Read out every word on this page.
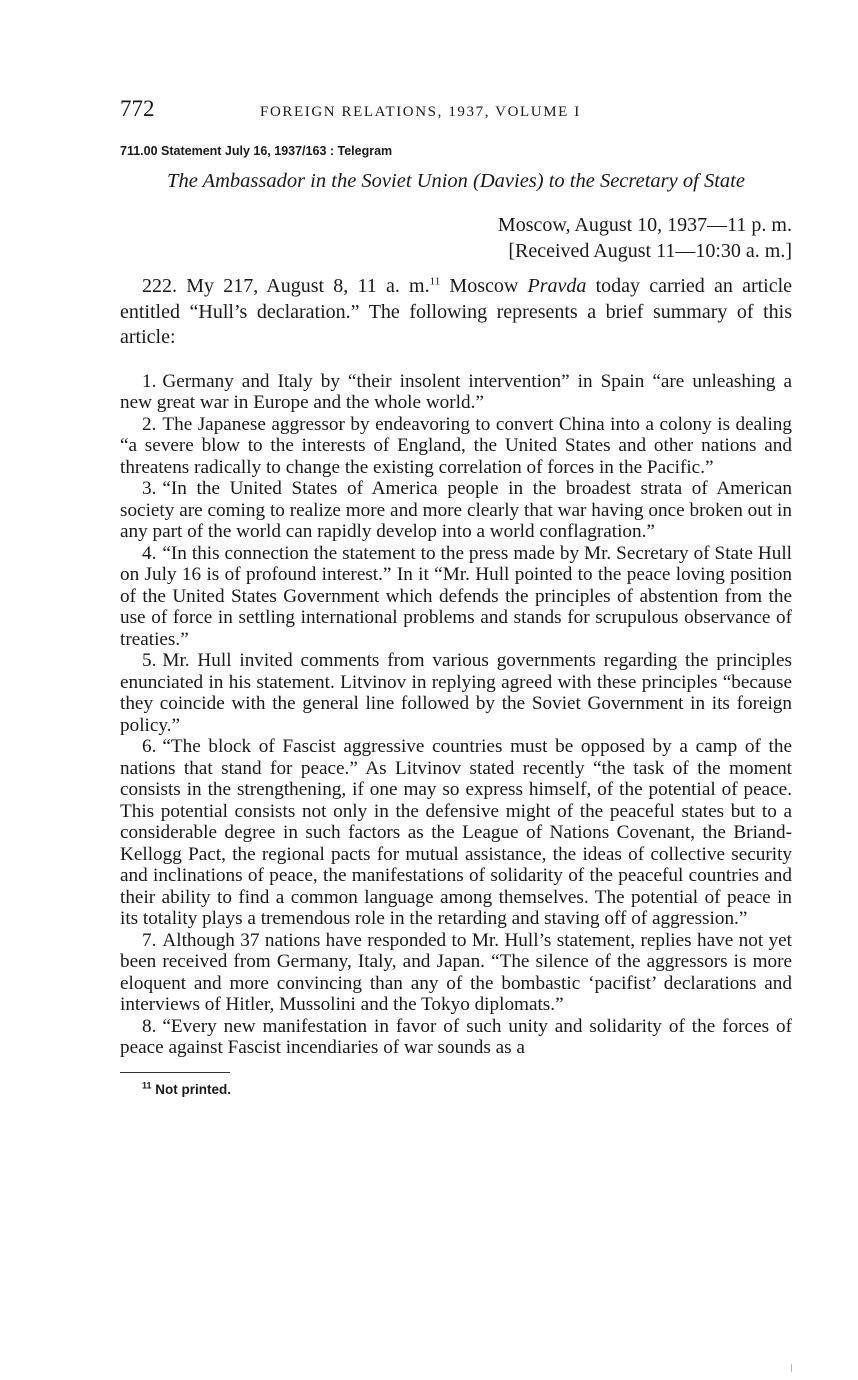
772	FOREIGN RELATIONS, 1937, VOLUME I
711.00 Statement July 16, 1937/163 : Telegram
The Ambassador in the Soviet Union (Davies) to the Secretary of State
Moscow, August 10, 1937—11 p. m.
[Received August 11—10:30 a. m.]

222. My 217, August 8, 11 a. m.$^{11}$ Moscow Pravda today carried an article entitled “Hull’s declaration.” The following represents a brief summary of this article:

1. Germany and Italy by “their insolent intervention” in Spain “are unleashing a new great war in Europe and the whole world.”

2. The Japanese aggressor by endeavoring to convert China into a colony is dealing “a severe blow to the interests of England, the United States and other nations and threatens radically to change the existing correlation of forces in the Pacific.”

3. “In the United States of America people in the broadest strata of American society are coming to realize more and more clearly that war having once broken out in any part of the world can rapidly develop into a world conflagration.”

4. “In this connection the statement to the press made by Mr. Secretary of State Hull on July 16 is of profound interest.” In it “Mr. Hull pointed to the peace loving position of the United States Government which defends the principles of abstention from the use of force in settling international problems and stands for scrupulous observance of treaties.”

5. Mr. Hull invited comments from various governments regarding the principles enunciated in his statement. Litvinov in replying agreed with these principles “because they coincide with the general line followed by the Soviet Government in its foreign policy.”

6. “The block of Fascist aggressive countries must be opposed by a camp of the nations that stand for peace.” As Litvinov stated recently “the task of the moment consists in the strengthening, if one may so express himself, of the potential of peace. This potential consists not only in the defensive might of the peaceful states but to a considerable degree in such factors as the League of Nations Covenant, the Briand-Kellogg Pact, the regional pacts for mutual assistance, the ideas of collective security and inclinations of peace, the manifestations of solidarity of the peaceful countries and their ability to find a common language among themselves. The potential of peace in its totality plays a tremendous role in the retarding and staving off of aggression.”

7. Although 37 nations have responded to Mr. Hull’s statement, replies have not yet been received from Germany, Italy, and Japan. “The silence of the aggressors is more eloquent and more convincing than any of the bombastic ‘pacifist’ declarations and interviews of Hitler, Mussolini and the Tokyo diplomats.”

8. “Every new manifestation in favor of such unity and solidarity of the forces of peace against Fascist incendiaries of war sounds as a

$^{11}$ Not printed.
